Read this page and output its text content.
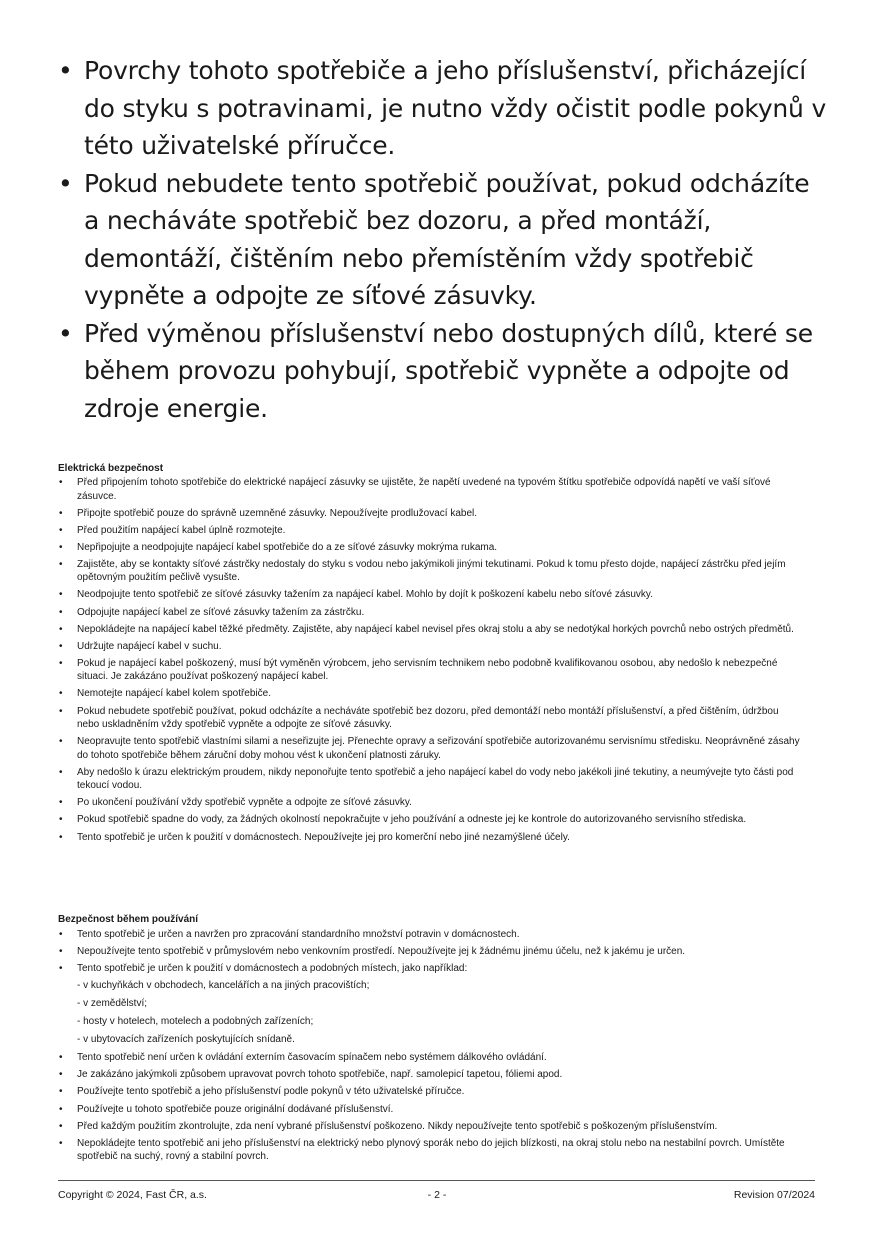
• Povrchy tohoto spotřebiče a jeho příslušenství, přicházející do styku s potravinami, je nutno vždy očistit podle pokynů v této uživatelské příručce.
• Pokud nebudete tento spotřebič používat, pokud odcházíte a necháváte spotřebič bez dozoru, a před montáží, demontáží, čištěním nebo přemístěním vždy spotřebič vypněte a odpojte ze síťové zásuvky.
• Před výměnou příslušenství nebo dostupných dílů, které se během provozu pohybují, spotřebič vypněte a odpojte od zdroje energie.
Elektrická bezpečnost
• Před připojením tohoto spotřebiče do elektrické napájecí zásuvky se ujistěte, že napětí uvedené na typovém štítku spotřebiče odpovídá napětí ve vaší síťové zásuvce.
• Připojte spotřebič pouze do správně uzemněné zásuvky. Nepoužívejte prodlužovací kabel.
• Před použitím napájecí kabel úplně rozmotejte.
• Nepřipojujte a neodpojujte napájecí kabel spotřebiče do a ze síťové zásuvky mokrýma rukama.
• Zajistěte, aby se kontakty síťové zástrčky nedostaly do styku s vodou nebo jakýmikoli jinými tekutinami. Pokud k tomu přesto dojde, napájecí zástrčku před jejím opětovným použitím pečlivě vysušte.
• Neodpojujte tento spotřebič ze síťové zásuvky tažením za napájecí kabel. Mohlo by dojít k poškození kabelu nebo síťové zásuvky.
• Odpojujte napájecí kabel ze síťové zásuvky tažením za zástrčku.
• Nepokládejte na napájecí kabel těžké předměty. Zajistěte, aby napájecí kabel nevisel přes okraj stolu a aby se nedotýkal horkých povrchů nebo ostrých předmětů.
• Udržujte napájecí kabel v suchu.
• Pokud je napájecí kabel poškozený, musí být vyměněn výrobcem, jeho servisním technikem nebo podobně kvalifikovanou osobou, aby nedošlo k nebezpečné situaci. Je zakázáno používat poškozený napájecí kabel.
• Nemotejte napájecí kabel kolem spotřebiče.
• Pokud nebudete spotřebič používat, pokud odcházíte a necháváte spotřebič bez dozoru, před demontáží nebo montáží příslušenství, a před čištěním, údržbou nebo uskladněním vždy spotřebič vypněte a odpojte ze síťové zásuvky.
• Neopravujte tento spotřebič vlastními silami a neseřizujte jej. Přenechte opravy a seřizování spotřebiče autorizovanému servisnímu středisku. Neoprávněné zásahy do tohoto spotřebiče během záruční doby mohou vést k ukončení platnosti záruky.
• Aby nedošlo k úrazu elektrickým proudem, nikdy neponořujte tento spotřebič a jeho napájecí kabel do vody nebo jakékoli jiné tekutiny, a neumývejte tyto části pod tekoucí vodou.
• Po ukončení používání vždy spotřebič vypněte a odpojte ze síťové zásuvky.
• Pokud spotřebič spadne do vody, za žádných okolností nepokračujte v jeho používání a odneste jej ke kontrole do autorizovaného servisního střediska.
• Tento spotřebič je určen k použití v domácnostech. Nepoužívejte jej pro komerční nebo jiné nezamýšlené účely.
Bezpečnost během používání
• Tento spotřebič je určen a navržen pro zpracování standardního množství potravin v domácnostech.
• Nepoužívejte tento spotřebič v průmyslovém nebo venkovním prostředí. Nepoužívejte jej k žádnému jinému účelu, než k jakému je určen.
• Tento spotřebič je určen k použití v domácnostech a podobných místech, jako například:
- v kuchyňkách v obchodech, kancelářích a na jiných pracovištích;
- v zemědělství;
- hosty v hotelech, motelech a podobných zařízeních;
- v ubytovacích zařízeních poskytujících snídaně.
• Tento spotřebič není určen k ovládání externím časovacím spínačem nebo systémem dálkového ovládání.
• Je zakázáno jakýmkoli způsobem upravovat povrch tohoto spotřebiče, např. samolepicí tapetou, fóliemi apod.
• Používejte tento spotřebič a jeho příslušenství podle pokynů v této uživatelské příručce.
• Používejte u tohoto spotřebiče pouze originální dodávané příslušenství.
• Před každým použitím zkontrolujte, zda není vybrané příslušenství poškozeno. Nikdy nepoužívejte tento spotřebič s poškozeným příslušenstvím.
• Nepokládejte tento spotřebič ani jeho příslušenství na elektrický nebo plynový sporák nebo do jejich blízkosti, na okraj stolu nebo na nestabilní povrch. Umístěte spotřebič na suchý, rovný a stabilní povrch.
Copyright © 2024, Fast ČR, a.s.	- 2 -	Revision 07/2024
